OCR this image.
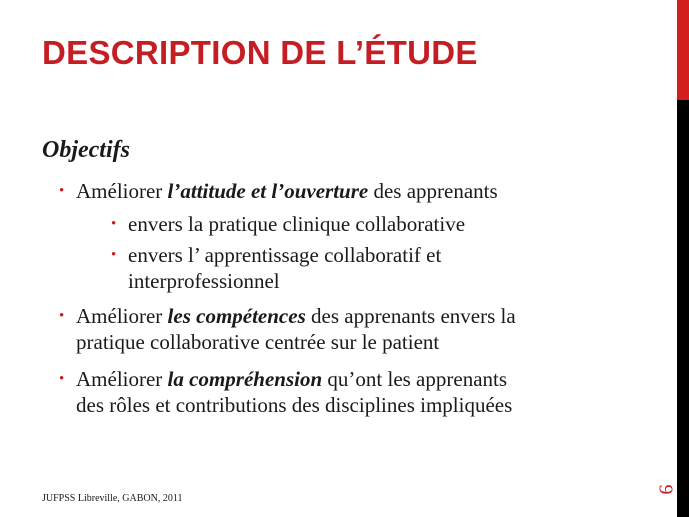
DESCRIPTION DE L’ÉTUDE
Objectifs
• Améliorer l’attitude et l’ouverture des apprenants
• envers la pratique clinique collaborative
• envers l’ apprentissage collaboratif et
interprofessionnel
• Améliorer les compétences des apprenants envers la
pratique collaborative centrée sur le patient
• Améliorer la compréhension qu’ont les apprenants
des rôles et contributions des disciplines impliquées
JUFPSS Libreville, GABON, 2011
9
